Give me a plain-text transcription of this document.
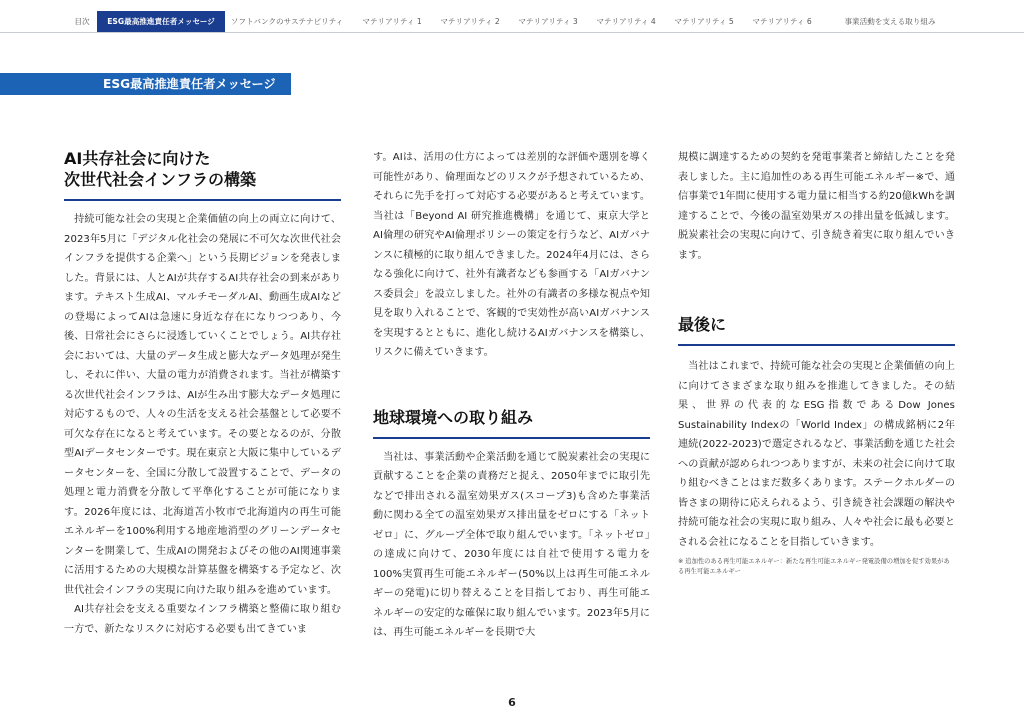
目次	ESG最高推進責任者メッセージ	ソフトバンクのサステナビリティ	マテリアリティ 1	マテリアリティ 2	マテリアリティ 3	マテリアリティ 4	マテリアリティ 5	マテリアリティ 6	事業活動を支える取り組み
ESG最高推進責任者メッセージ
AI共存社会に向けた
次世代社会インフラの構築

持続可能な社会の実現と企業価値の向上の両立に向けて、2023年5月に「デジタル化社会の発展に不可欠な次世代社会インフラを提供する企業へ」という長期ビジョンを発表しました。背景には、人とAIが共存するAI共存社会の到来があります。テキスト生成AI、マルチモーダルAI、動画生成AIなどの登場によってAIは急速に身近な存在になりつつあり、今後、日常社会にさらに浸透していくことでしょう。AI共存社会においては、大量のデータ生成と膨大なデータ処理が発生し、それに伴い、大量の電力が消費されます。当社が構築する次世代社会インフラは、AIが生み出す膨大なデータ処理に対応するもので、人々の生活を支える社会基盤として必要不可欠な存在になると考えています。その要となるのが、分散型AIデータセンターです。現在東京と大阪に集中しているデータセンターを、全国に分散して設置することで、データの処理と電力消費を分散して平準化することが可能になります。2026年度には、北海道苫小牧市で北海道内の再生可能エネルギーを100%利用する地産地消型のグリーンデータセンターを開業して、生成AIの開発およびその他のAI関連事業に活用するための大規模な計算基盤を構築する予定など、次世代社会インフラの実現に向けた取り組みを進めています。

AI共存社会を支える重要なインフラ構築と整備に取り組む一方で、新たなリスクに対応する必要も出てきていま

す。AIは、活用の仕方によっては差別的な評価や選別を導く可能性があり、倫理面などのリスクが予想されているため、それらに先手を打って対応する必要があると考えています。当社は「Beyond AI 研究推進機構」を通じて、東京大学とAI倫理の研究やAI倫理ポリシーの策定を行うなど、AIガバナンスに積極的に取り組んできました。2024年4月には、さらなる強化に向けて、社外有識者なども参画する「AIガバナンス委員会」を設立しました。社外の有識者の多様な視点や知見を取り入れることで、客観的で実効性が高いAIガバナンスを実現するとともに、進化し続けるAIガバナンスを構築し、リスクに備えていきます。

地球環境への取り組み

当社は、事業活動や企業活動を通じて脱炭素社会の実現に貢献することを企業の責務だと捉え、2050年までに取引先などで排出される温室効果ガス(スコープ3)も含めた事業活動に関わる全ての温室効果ガス排出量をゼロにする「ネットゼロ」に、グループ全体で取り組んでいます。「ネットゼロ」の達成に向けて、2030年度には自社で使用する電力を100%実質再生可能エネルギー(50%以上は再生可能エネルギーの発電)に切り替えることを目指しており、再生可能エネルギーの安定的な確保に取り組んでいます。2023年5月には、再生可能エネルギーを長期で大

規模に調達するための契約を発電事業者と締結したことを発表しました。主に追加性のある再生可能エネルギー※で、通信事業で1年間に使用する電力量に相当する約20億kWhを調達することで、今後の温室効果ガスの排出量を低減します。脱炭素社会の実現に向けて、引き続き着実に取り組んでいきます。

最後に

当社はこれまで、持続可能な社会の実現と企業価値の向上に向けてさまざまな取り組みを推進してきました。その結果、世界の代表的なESG指数であるDow Jones Sustainability Indexの「World Index」の構成銘柄に2年連続(2022-2023)で選定されるなど、事業活動を通じた社会への貢献が認められつつありますが、未来の社会に向けて取り組むべきことはまだ数多くあります。ステークホルダーの皆さまの期待に応えられるよう、引き続き社会課題の解決や持続可能な社会の実現に取り組み、人々や社会に最も必要とされる会社になることを目指していきます。

※ 追加性のある再生可能エネルギー：新たな再生可能エネルギー発電設備の増加を促す効果がある再生可能エネルギー

6
